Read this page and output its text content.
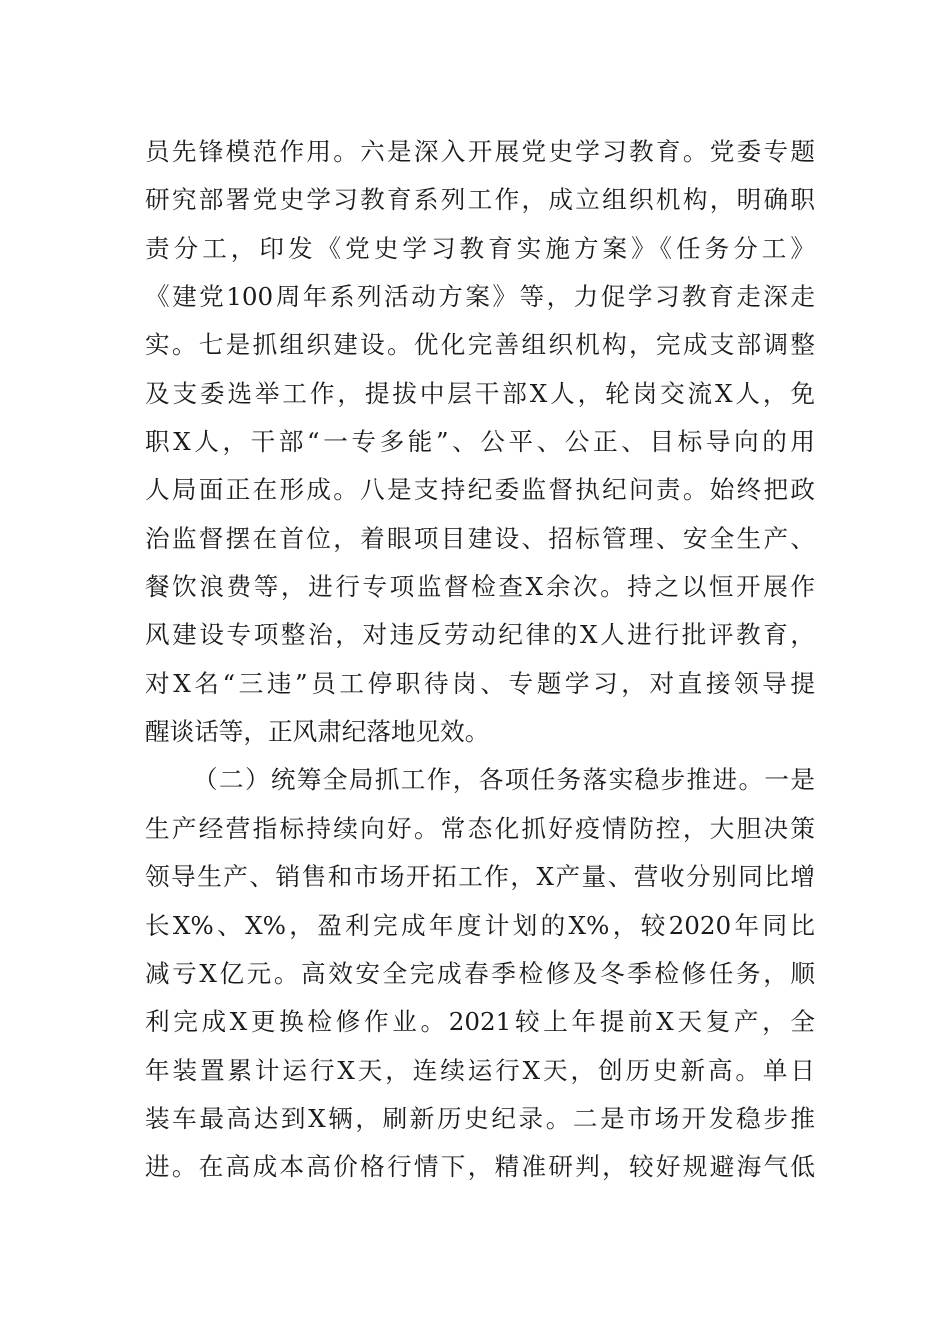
员先锋模范作用。六是深入开展党史学习教育。党委专题
研究部署党史学习教育系列工作，成立组织机构，明确职
责分工，印发《党史学习教育实施方案》《任务分工》
《建党100周年系列活动方案》等，力促学习教育走深走
实。七是抓组织建设。优化完善组织机构，完成支部调整
及支委选举工作，提拔中层干部X人，轮岗交流X人，免
职X人，干部“一专多能”、公平、公正、目标导向的用
人局面正在形成。八是支持纪委监督执纪问责。始终把政
治监督摆在首位，着眼项目建设、招标管理、安全生产、
餐饮浪费等，进行专项监督检查X余次。持之以恒开展作
风建设专项整治，对违反劳动纪律的X人进行批评教育，
对X名“三违”员工停职待岗、专题学习，对直接领导提
醒谈话等，正风肃纪落地见效。
（二）统筹全局抓工作，各项任务落实稳步推进。一是
生产经营指标持续向好。常态化抓好疫情防控，大胆决策
领导生产、销售和市场开拓工作，X产量、营收分别同比增
长X%、X%，盈利完成年度计划的X%，较2020年同比
减亏X亿元。高效安全完成春季检修及冬季检修任务，顺
利完成X更换检修作业。2021较上年提前X天复产，全
年装置累计运行X天，连续运行X天，创历史新高。单日
装车最高达到X辆，刷新历史纪录。二是市场开发稳步推
进。在高成本高价格行情下，精准研判，较好规避海气低
